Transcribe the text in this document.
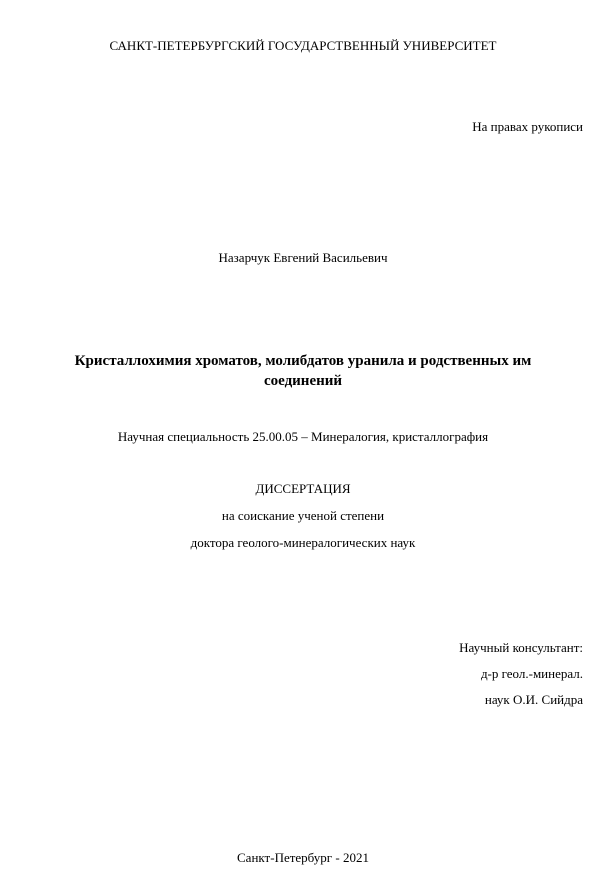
САНКТ-ПЕТЕРБУРГСКИЙ ГОСУДАРСТВЕННЫЙ УНИВЕРСИТЕТ
На правах рукописи
Назарчук Евгений Васильевич
Кристаллохимия хроматов, молибдатов уранила и родственных им
соединений
Научная специальность 25.00.05 – Минералогия, кристаллография
ДИССЕРТАЦИЯ
на соискание ученой степени
доктора геолого-минералогических наук
Научный консультант:
д-р геол.-минерал.
наук О.И. Сийдра
Санкт-Петербург - 2021
